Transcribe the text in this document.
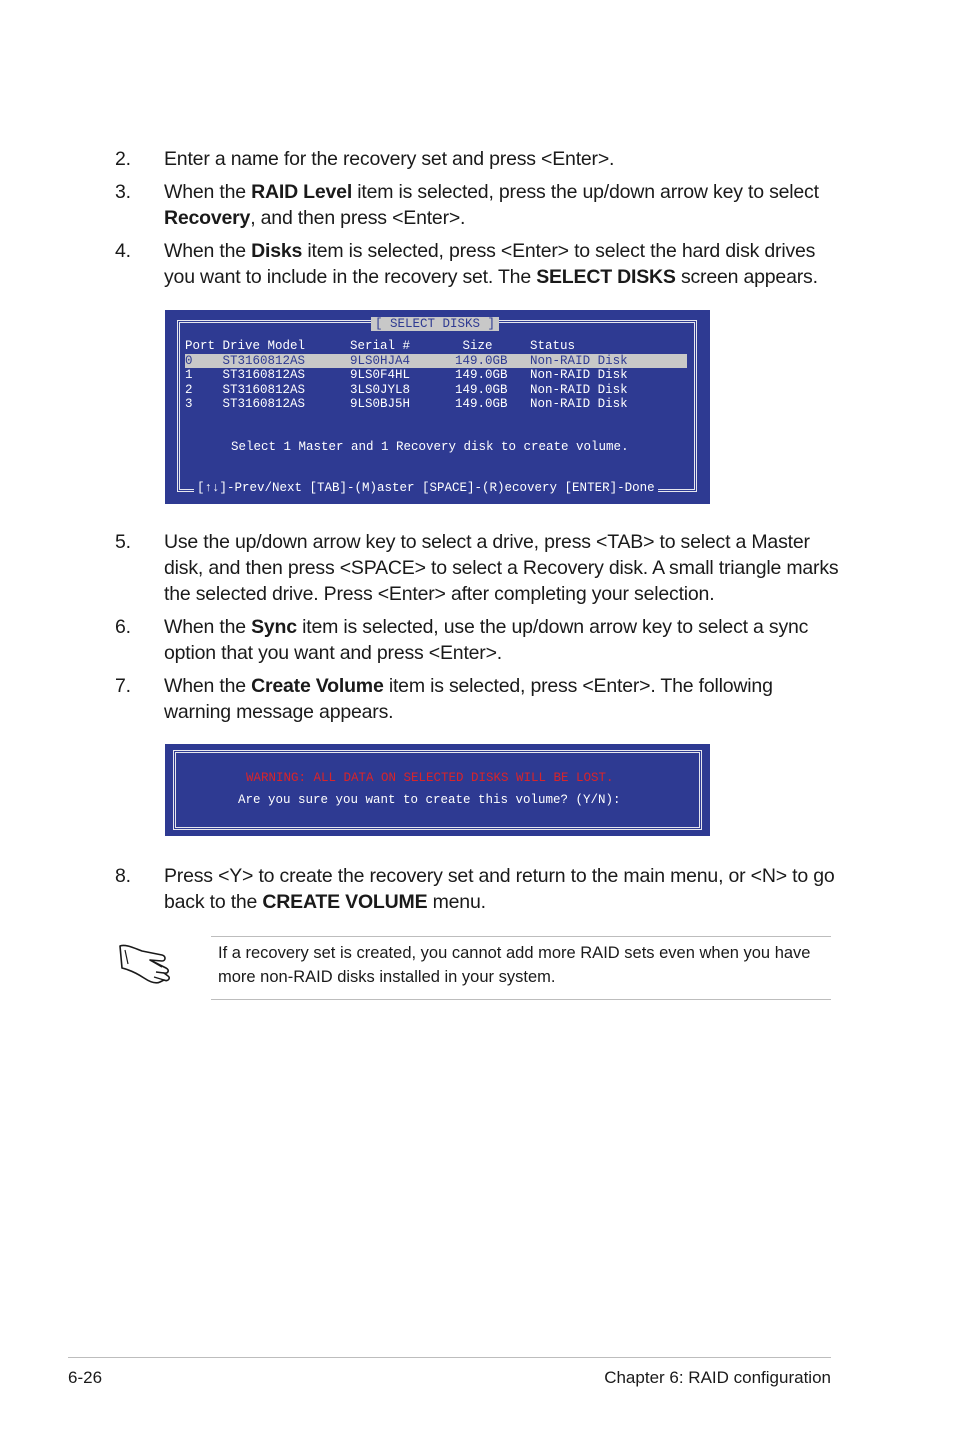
2. Enter a name for the recovery set and press <Enter>.
3. When the RAID Level item is selected, press the up/down arrow key to select Recovery, and then press <Enter>.
4. When the Disks item is selected, press <Enter> to select the hard disk drives you want to include in the recovery set. The SELECT DISKS screen appears.
[ SELECT DISKS ]
Port Drive Model      Serial #       Size     Status
0    ST3160812AS      9LS0HJA4      149.0GB   Non-RAID Disk
1    ST3160812AS      9LS0F4HL      149.0GB   Non-RAID Disk
2    ST3160812AS      3LS0JYL8      149.0GB   Non-RAID Disk
3    ST3160812AS      9LS0BJ5H      149.0GB   Non-RAID Disk
Select 1 Master and 1 Recovery disk to create volume.
[↑↓]-Prev/Next [TAB]-(M)aster [SPACE]-(R)ecovery [ENTER]-Done
5. Use the up/down arrow key to select a drive, press <TAB> to select a Master disk, and then press <SPACE> to select a Recovery disk. A small triangle marks the selected drive. Press <Enter> after completing your selection.
6. When the Sync item is selected, use the up/down arrow key to select a sync option that you want and press <Enter>.
7. When the Create Volume item is selected, press <Enter>. The following warning message appears.
WARNING: ALL DATA ON SELECTED DISKS WILL BE LOST.
Are you sure you want to create this volume? (Y/N):
8. Press <Y> to create the recovery set and return to the main menu, or <N> to go back to the CREATE VOLUME menu.
If a recovery set is created, you cannot add more RAID sets even when you have more non-RAID disks installed in your system.
6-26	Chapter 6: RAID configuration
